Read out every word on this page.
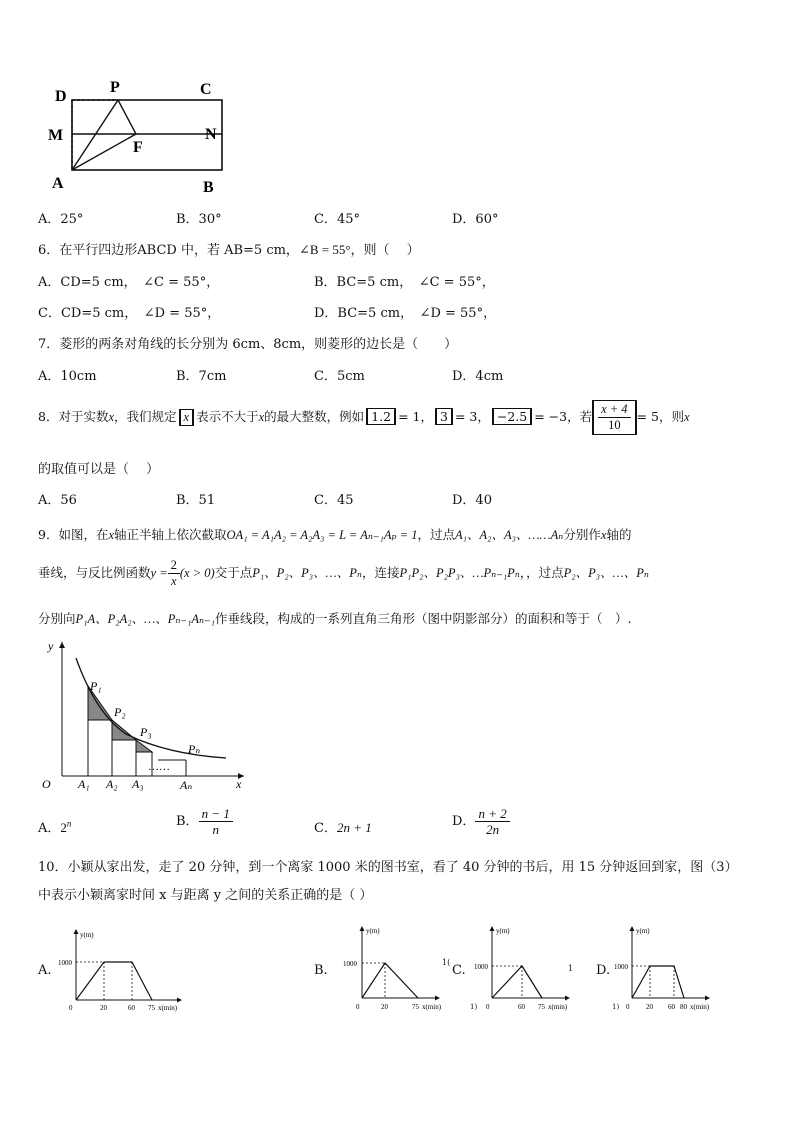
D
P	C
M	N
F
A	B
A．25°	B．30°	C．45°	D．60°
6．在平行四边形ABCD 中，若 AB=5 cm，∠B = 55°，则（　 ）
A．CD=5 cm，　∠C = 55°，	B．BC=5 cm，　∠C = 55°，
C．CD=5 cm，　∠D = 55°，	D．BC=5 cm，　∠D = 55°，
7．菱形的两条对角线的长分别为 6cm、8cm，则菱形的边长是（　　）
A．10cm	B．7cm	C．5cm	D．4cm
8．对于实数x，我们规定 x 表示不大于x的最大整数，例如 1.2 = 1， 3 = 3， −2.5 = −3，若 $\frac{x + 4}{10} = 5$，则x
的取值可以是（　 ）
A．56	B．51	C．45	D．40
9．如图，在x轴正半轴上依次截取OA₁ = A₁A₂ = A₂A₃ = L = Aₙ₋₁Aₚ = 1，过点A₁、A₂、A₃、……Aₙ分别作x轴的
垂线，与反比例函数$y = \frac{2}{x} (x > 0)$交于点P₁、P₂、P₃、…、Pₙ，连接P₁P₂、P₂P₃、…Pₙ₋₁Pₙ，，过点P₂、P₃、…、Pₙ
分别向P₁A、P₂A₂、…、Pₙ₋₁Aₙ₋₁作垂线段，构成的一系列直角三角形（图中阴影部分）的面积和等于（　）.
……
y
x
O
P₁
P₂
P₃
Pₙ
A₁ A₂ A₃	Aₙ
A．2$^n$	B． $\frac{n - 1}{n}$	C．2n + 1	D． $\frac{n + 2}{2n}$
10．小颖从家出发，走了 20 分钟，到一个离家 1000 米的图书室，看了 40 分钟的书后，用 15 分钟返回到家，图（3）
中表示小颖离家时间 x 与距离 y 之间的关系正确的是（ ）
A.
y(m)
1000
0	20	60 75 x(min)
B.
y(m)
1000
0	20	75 x(min)
1(
C.
y(m)
1000
0	60 75 x(min)
1)
1 D.
y(m)
1000
0 20 60 80 x(min)
1)
